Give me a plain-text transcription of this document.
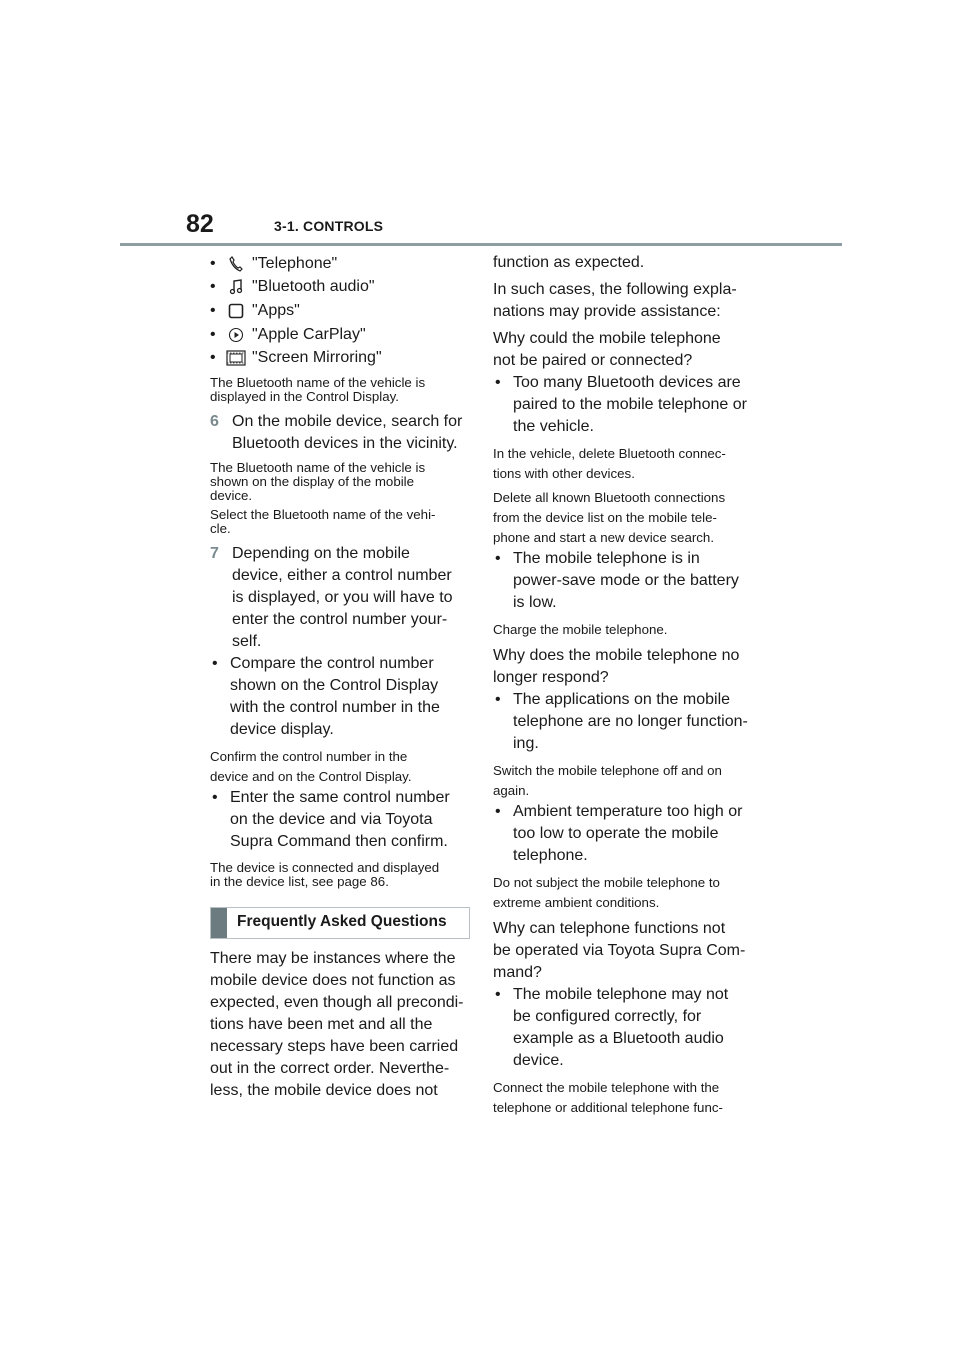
82	3-1. CONTROLS
•	"Telephone"
•	"Bluetooth audio"
•	"Apps"
•	"Apple CarPlay"
•	"Screen Mirroring"

The Bluetooth name of the vehicle is

displayed in the Control Display.

6 On the mobile device, search for

Bluetooth devices in the vicinity.

The Bluetooth name of the vehicle is

shown on the display of the mobile

device.

Select the Bluetooth name of the vehi-

cle.

7 Depending on the mobile

device, either a control number

is displayed, or you will have to

enter the control number your-

self.

• Compare the control number

shown on the Control Display

with the control number in the

device display.

Confirm the control number in the

device and on the Control Display.

• Enter the same control number

on the device and via Toyota

Supra Command then confirm.

The device is connected and displayed

in the device list, see page 86.

Frequently Asked Questions

There may be instances where the

mobile device does not function as

expected, even though all precondi-

tions have been met and all the

necessary steps have been carried

out in the correct order. Neverthe-

less, the mobile device does not

function as expected.

In such cases, the following expla-

nations may provide assistance:

Why could the mobile telephone

not be paired or connected?

• Too many Bluetooth devices are

paired to the mobile telephone or

the vehicle.

In the vehicle, delete Bluetooth connec-

tions with other devices.

Delete all known Bluetooth connections

from the device list on the mobile tele-

phone and start a new device search.

• The mobile telephone is in

power-save mode or the battery

is low.

Charge the mobile telephone.

Why does the mobile telephone no

longer respond?

• The applications on the mobile

telephone are no longer function-

ing.

Switch the mobile telephone off and on

again.

• Ambient temperature too high or

too low to operate the mobile

telephone.

Do not subject the mobile telephone to

extreme ambient conditions.

Why can telephone functions not

be operated via Toyota Supra Com-

mand?

• The mobile telephone may not

be configured correctly, for

example as a Bluetooth audio

device.

Connect the mobile telephone with the

telephone or additional telephone func-
